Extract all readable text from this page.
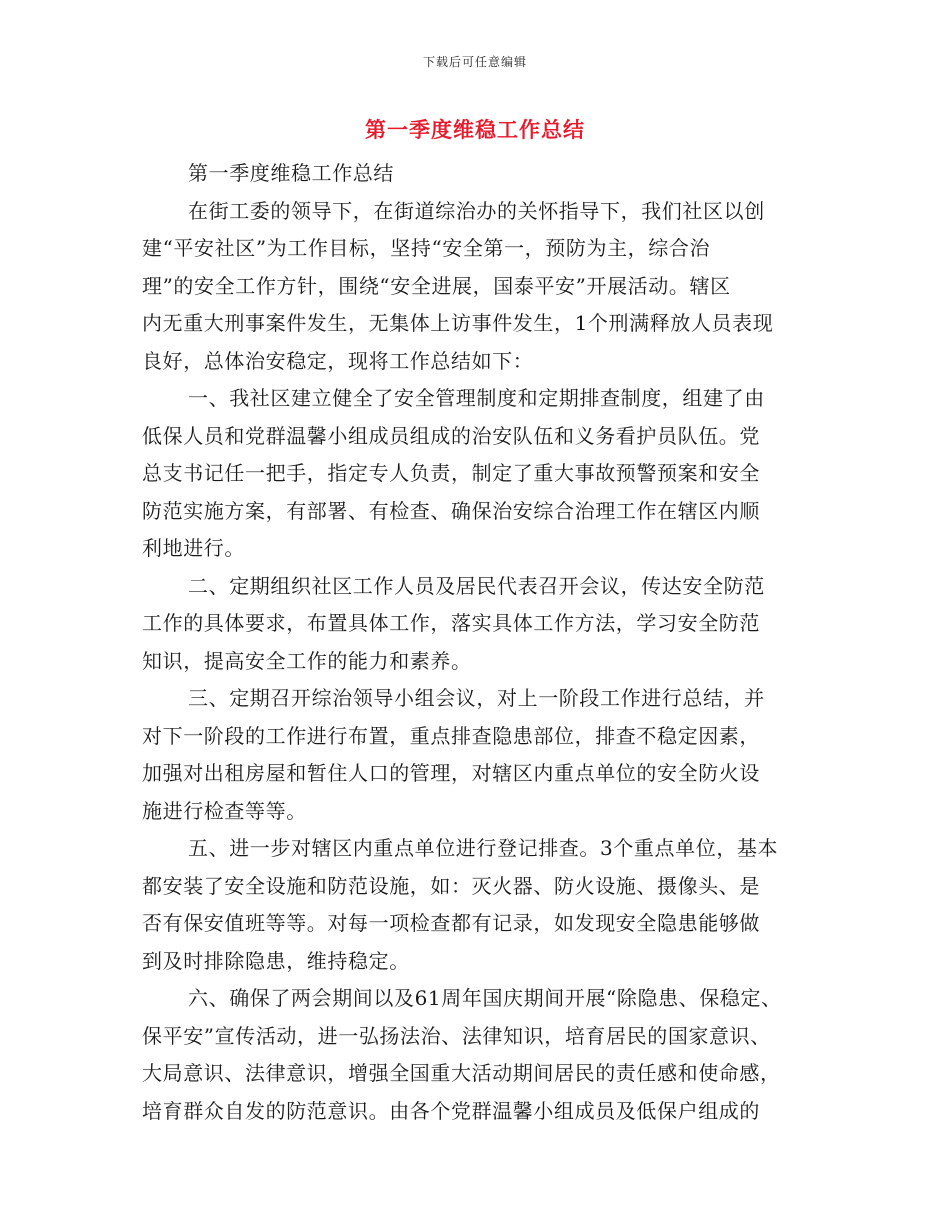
下载后可任意编辑
第一季度维稳工作总结
第一季度维稳工作总结
在街工委的领导下，在街道综治办的关怀指导下，我们社区以创
建“平安社区”为工作目标，坚持“安全第一，预防为主，综合治
理”的安全工作方针，围绕“安全进展，国泰平安”开展活动。辖区
内无重大刑事案件发生，无集体上访事件发生，1个刑满释放人员表现
良好，总体治安稳定，现将工作总结如下：
一、我社区建立健全了安全管理制度和定期排查制度，组建了由
低保人员和党群温馨小组成员组成的治安队伍和义务看护员队伍。党
总支书记任一把手，指定专人负责，制定了重大事故预警预案和安全
防范实施方案，有部署、有检查、确保治安综合治理工作在辖区内顺
利地进行。
二、定期组织社区工作人员及居民代表召开会议，传达安全防范
工作的具体要求，布置具体工作，落实具体工作方法，学习安全防范
知识，提高安全工作的能力和素养。
三、定期召开综治领导小组会议，对上一阶段工作进行总结，并
对下一阶段的工作进行布置，重点排查隐患部位，排查不稳定因素，
加强对出租房屋和暂住人口的管理，对辖区内重点单位的安全防火设
施进行检查等等。
五、进一步对辖区内重点单位进行登记排查。3个重点单位，基本
都安装了安全设施和防范设施，如：灭火器、防火设施、摄像头、是
否有保安值班等等。对每一项检查都有记录，如发现安全隐患能够做
到及时排除隐患，维持稳定。
六、确保了两会期间以及61周年国庆期间开展“除隐患、保稳定、
保平安”宣传活动，进一弘扬法治、法律知识，培育居民的国家意识、
大局意识、法律意识，增强全国重大活动期间居民的责任感和使命感，
培育群众自发的防范意识。由各个党群温馨小组成员及低保户组成的
